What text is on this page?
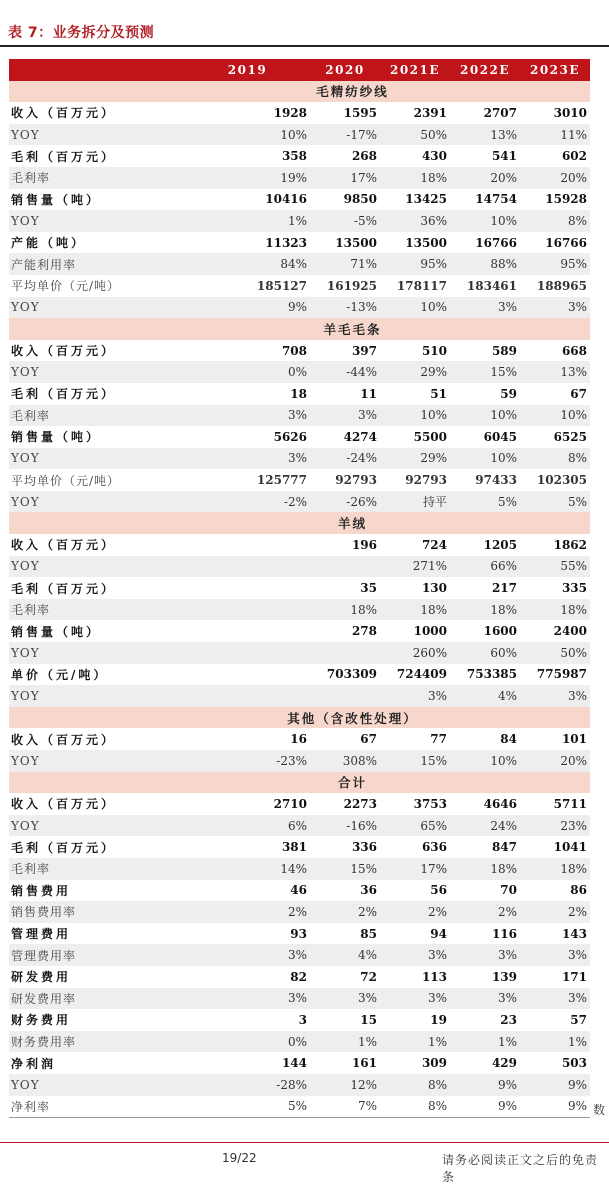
表 7：业务拆分及预测
	2019	2020	2021E	2022E	2023E
	毛精纺纱线				
收入（百万元）	1928	1595	2391	2707	3010
YOY	10%	-17%	50%	13%	11%
毛利（百万元）	358	268	430	541	602
毛利率	19%	17%	18%	20%	20%
销售量（吨）	10416	9850	13425	14754	15928
YOY	1%	-5%	36%	10%	8%
产能（吨）	11323	13500	13500	16766	16766
产能利用率	84%	71%	95%	88%	95%
平均单价（元/吨）	185127	161925	178117	183461	188965
YOY	9%	-13%	10%	3%	3%
	羊毛毛条				
收入（百万元）	708	397	510	589	668
YOY	0%	-44%	29%	15%	13%
毛利（百万元）	18	11	51	59	67
毛利率	3%	3%	10%	10%	10%
销售量（吨）	5626	4274	5500	6045	6525
YOY	3%	-24%	29%	10%	8%
平均单价（元/吨）	125777	92793	92793	97433	102305
YOY	-2%	-26%	持平	5%	5%
	羊绒				
收入（百万元）		196	724	1205	1862
YOY			271%	66%	55%
毛利（百万元）		35	130	217	335
毛利率		18%	18%	18%	18%
销售量（吨）		278	1000	1600	2400
YOY			260%	60%	50%
单价（元/吨）		703309	724409	753385	775987
YOY			3%	4%	3%
	其他（含改性处理）				
收入（百万元）	16	67	77	84	101
YOY	-23%	308%	15%	10%	20%
	合计				
收入（百万元）	2710	2273	3753	4646	5711
YOY	6%	-16%	65%	24%	23%
毛利（百万元）	381	336	636	847	1041
毛利率	14%	15%	17%	18%	18%
销售费用	46	36	56	70	86
销售费用率	2%	2%	2%	2%	2%
管理费用	93	85	94	116	143
管理费用率	3%	4%	3%	3%	3%
研发费用	82	72	113	139	171
研发费用率	3%	3%	3%	3%	3%
财务费用	3	15	19	23	57
财务费用率	0%	1%	1%	1%	1%
净利润	144	161	309	429	503
YOY	-28%	12%	8%	9%	9%
净利率	5%	7%	8%	9%	9% 数
19/22	请务必阅读正文之后的免责条
